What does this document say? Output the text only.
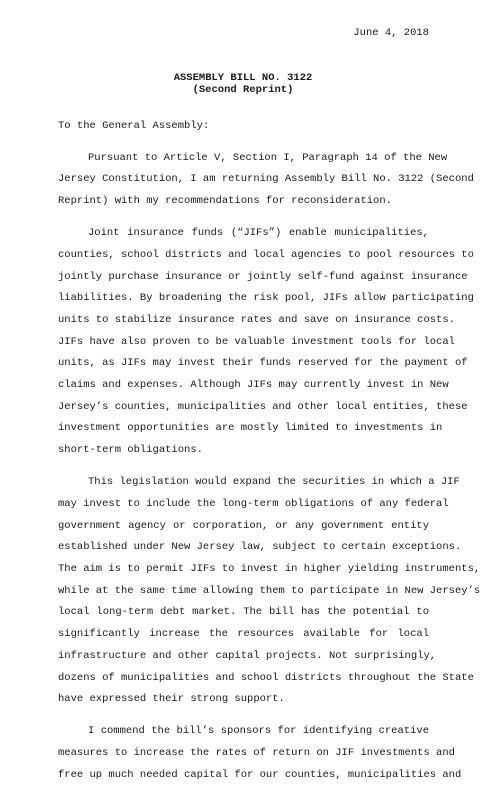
June 4, 2018
ASSEMBLY BILL NO. 3122
(Second Reprint)
To the General Assembly:
Pursuant to Article V, Section I, Paragraph 14 of the New
Jersey Constitution, I am returning Assembly Bill No. 3122 (Second
Reprint) with my recommendations for reconsideration.
Joint insurance funds (“JIFs”) enable municipalities,
counties, school districts and local agencies to pool resources to
jointly purchase insurance or jointly self-fund against insurance
liabilities. By broadening the risk pool, JIFs allow participating
units to stabilize insurance rates and save on insurance costs.
JIFs have also proven to be valuable investment tools for local
units, as JIFs may invest their funds reserved for the payment of
claims and expenses. Although JIFs may currently invest in New
Jersey’s counties, municipalities and other local entities, these
investment opportunities are mostly limited to investments in
short-term obligations.
This legislation would expand the securities in which a JIF
may invest to include the long-term obligations of any federal
government agency or corporation, or any government entity
established under New Jersey law, subject to certain exceptions.
The aim is to permit JIFs to invest in higher yielding instruments,
while at the same time allowing them to participate in New Jersey’s
local long-term debt market. The bill has the potential to
significantly increase the resources available for local
infrastructure and other capital projects. Not surprisingly,
dozens of municipalities and school districts throughout the State
have expressed their strong support.
I commend the bill’s sponsors for identifying creative
measures to increase the rates of return on JIF investments and
free up much needed capital for our counties, municipalities and
